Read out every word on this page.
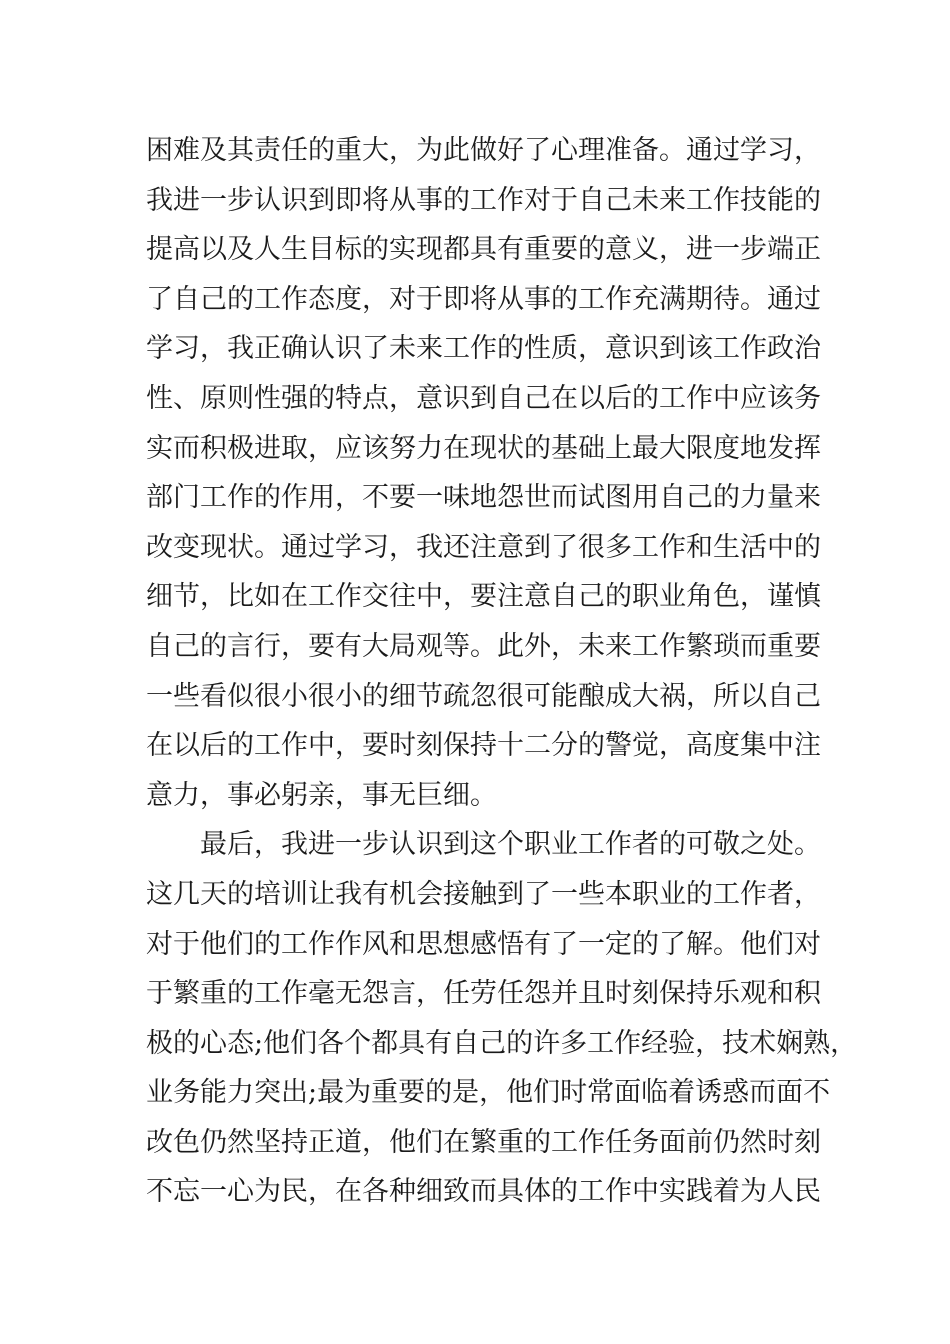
困难及其责任的重大，为此做好了心理准备。通过学习，
我进一步认识到即将从事的工作对于自己未来工作技能的
提高以及人生目标的实现都具有重要的意义，进一步端正
了自己的工作态度，对于即将从事的工作充满期待。通过
学习，我正确认识了未来工作的性质，意识到该工作政治
性、原则性强的特点，意识到自己在以后的工作中应该务
实而积极进取，应该努力在现状的基础上最大限度地发挥
部门工作的作用，不要一味地怨世而试图用自己的力量来
改变现状。通过学习，我还注意到了很多工作和生活中的
细节，比如在工作交往中，要注意自己的职业角色，谨慎
自己的言行，要有大局观等。此外，未来工作繁琐而重要
一些看似很小很小的细节疏忽很可能酿成大祸，所以自己
在以后的工作中，要时刻保持十二分的警觉，高度集中注
意力，事必躬亲，事无巨细。
最后，我进一步认识到这个职业工作者的可敬之处。
这几天的培训让我有机会接触到了一些本职业的工作者，
对于他们的工作作风和思想感悟有了一定的了解。他们对
于繁重的工作毫无怨言，任劳任怨并且时刻保持乐观和积
极的心态;他们各个都具有自己的许多工作经验，技术娴熟，
业务能力突出;最为重要的是，他们时常面临着诱惑而面不
改色仍然坚持正道，他们在繁重的工作任务面前仍然时刻
不忘一心为民，在各种细致而具体的工作中实践着为人民
